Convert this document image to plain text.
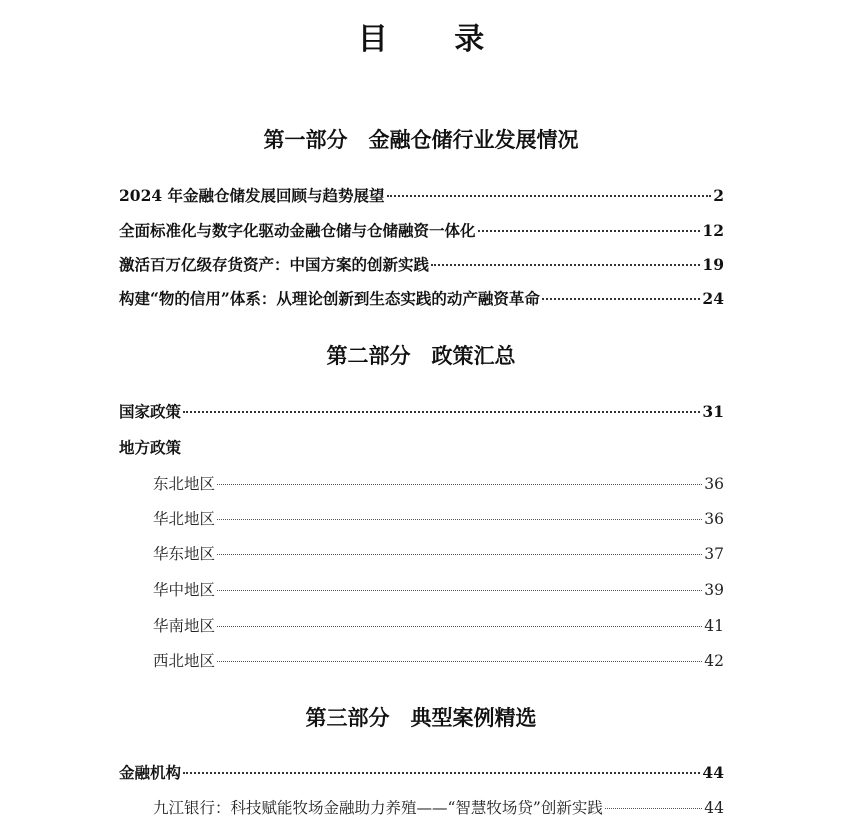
目 录
第一部分　金融仓储行业发展情况
2024 年金融仓储发展回顾与趋势展望	2
全面标准化与数字化驱动金融仓储与仓储融资一体化	12
激活百万亿级存货资产：中国方案的创新实践	19
构建“物的信用”体系：从理论创新到生态实践的动产融资革命	24
第二部分　政策汇总
国家政策	31
地方政策
东北地区	36
华北地区	36
华东地区	37
华中地区	39
华南地区	41
西北地区	42
第三部分　典型案例精选
金融机构	44
九江银行：科技赋能牧场金融助力养殖——“智慧牧场贷”创新实践	44
